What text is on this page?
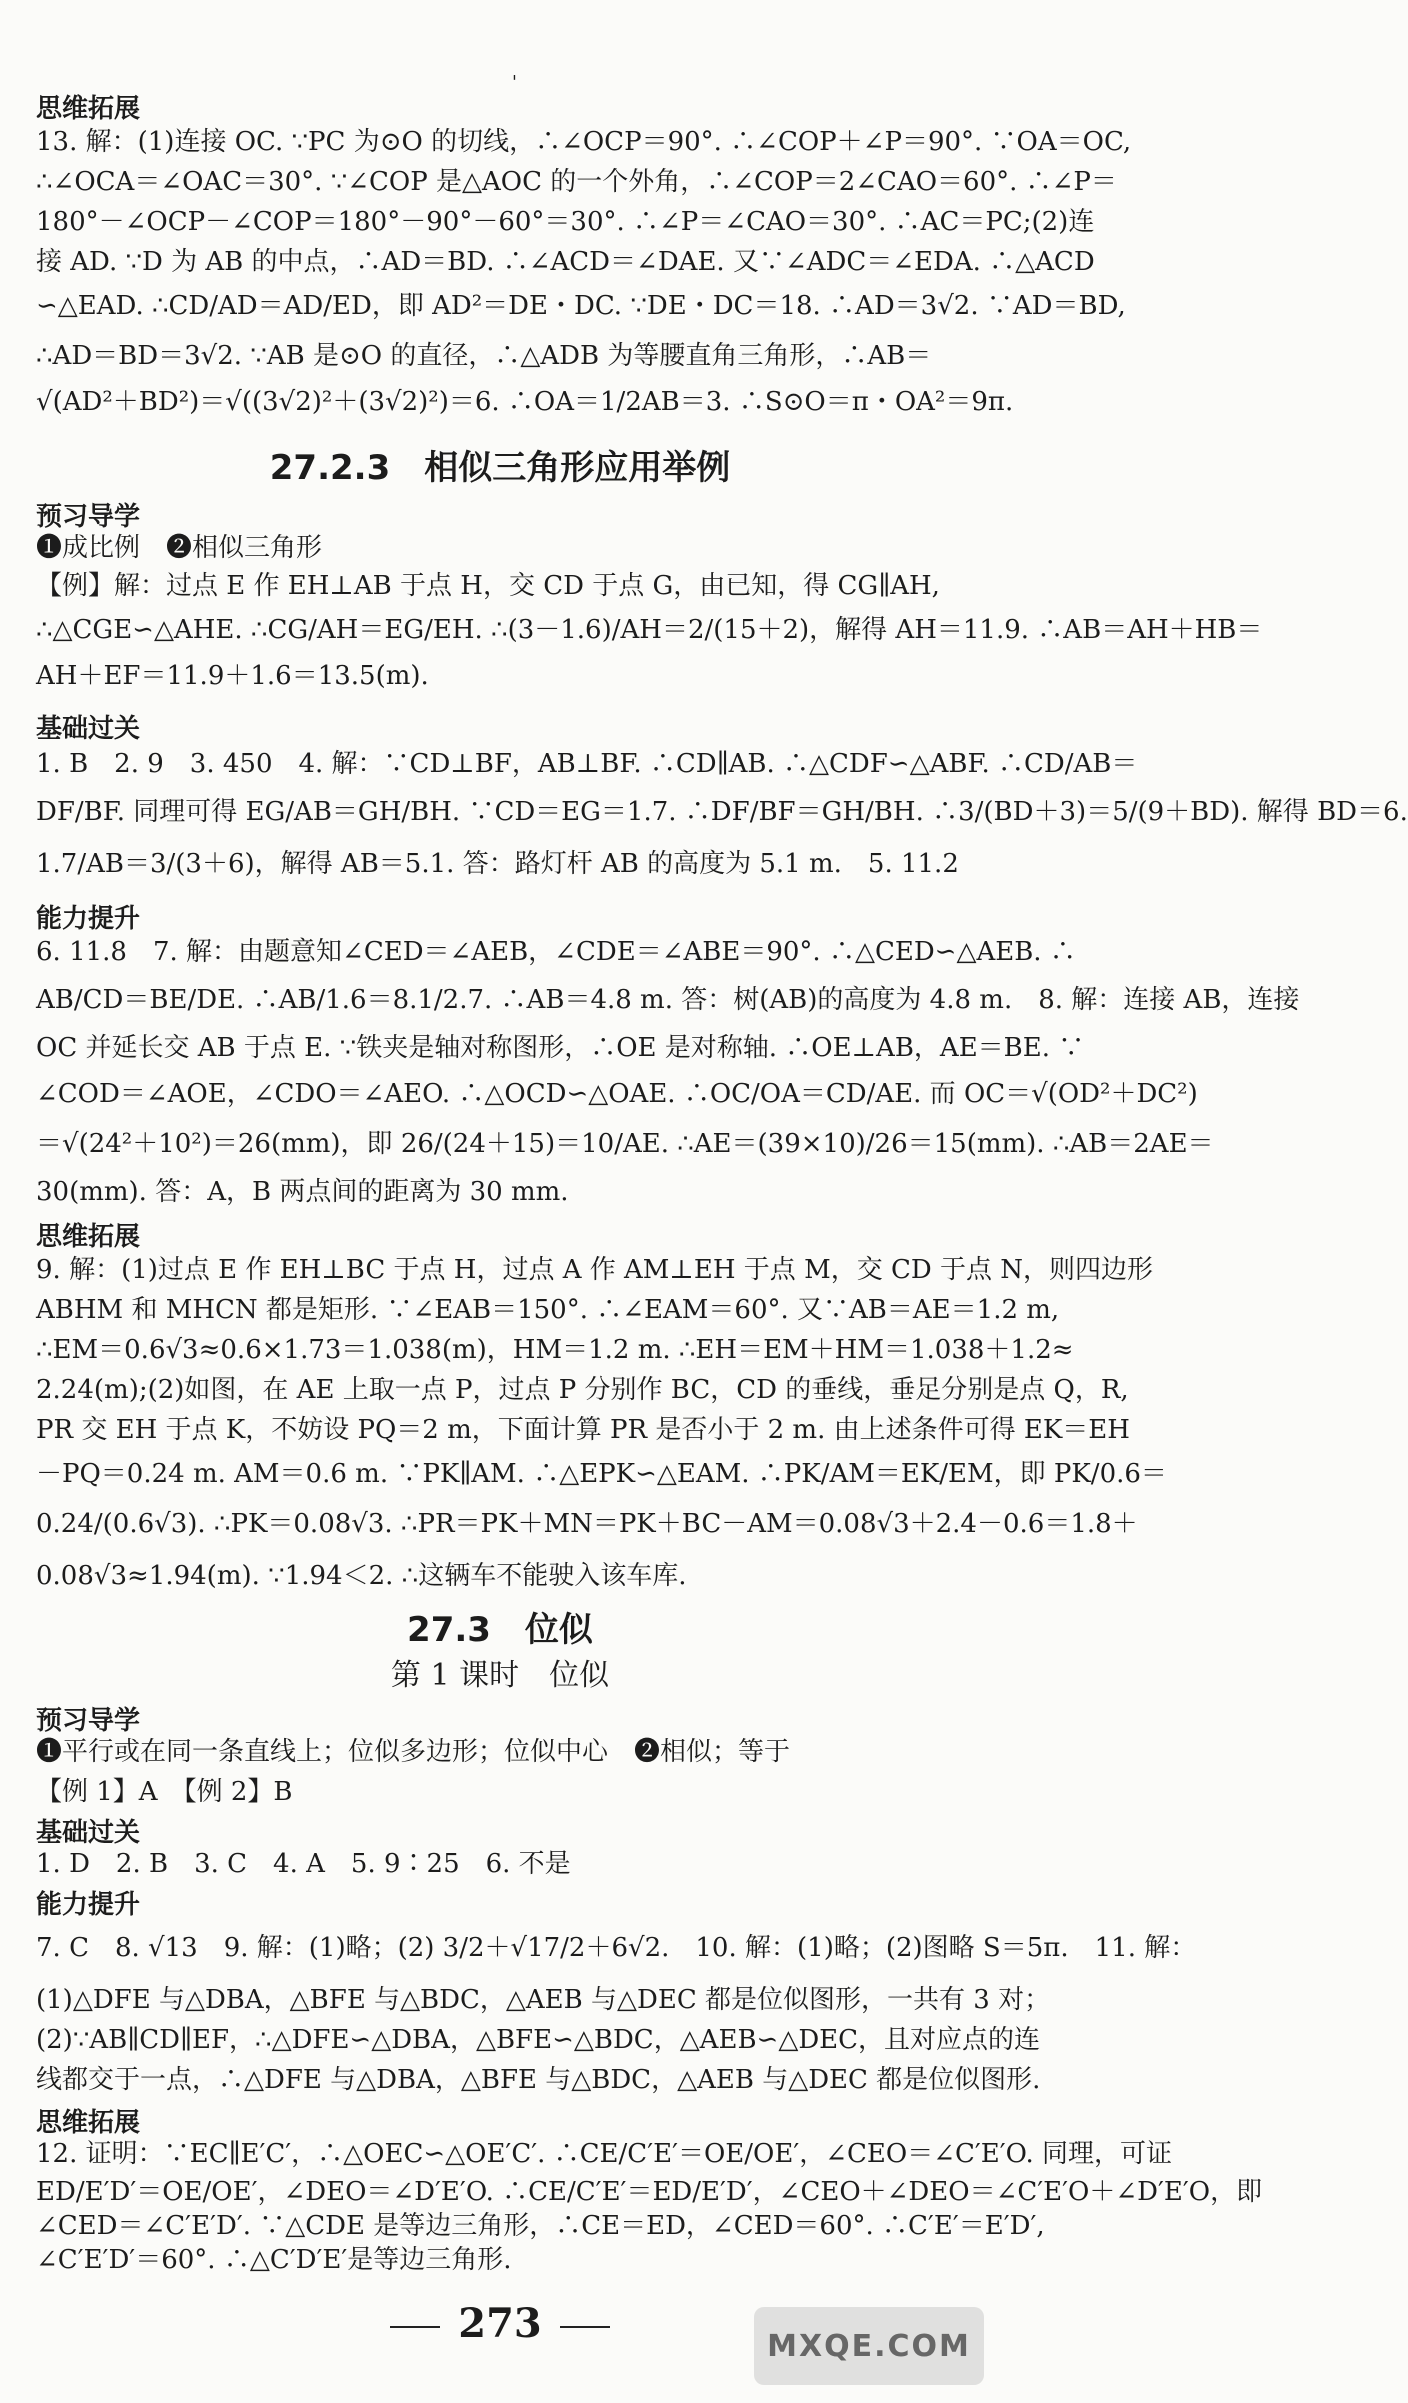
'
思维拓展
13. 解：(1)连接 OC. ∵PC 为⊙O 的切线，∴∠OCP＝90°. ∴∠COP＋∠P＝90°. ∵OA＝OC,
∴∠OCA＝∠OAC＝30°. ∵∠COP 是△AOC 的一个外角，∴∠COP＝2∠CAO＝60°. ∴∠P＝
180°－∠OCP－∠COP＝180°－90°－60°＝30°. ∴∠P＝∠CAO＝30°. ∴AC＝PC;(2)连
接 AD. ∵D 为 AB 的中点，∴AD＝BD. ∴∠ACD＝∠DAE. 又∵∠ADC＝∠EDA. ∴△ACD
∽△EAD. ∴CD/AD＝AD/ED，即 AD²＝DE・DC. ∵DE・DC＝18. ∴AD＝3√2. ∵AD＝BD,
∴AD＝BD＝3√2. ∵AB 是⊙O 的直径，∴△ADB 为等腰直角三角形，∴AB＝
√(AD²＋BD²)＝√((3√2)²＋(3√2)²)＝6. ∴OA＝1/2AB＝3. ∴S⊙O＝π・OA²＝9π.
27.2.3　相似三角形应用举例
预习导学
❶成比例　❷相似三角形
【例】解：过点 E 作 EH⊥AB 于点 H，交 CD 于点 G，由已知，得 CG∥AH,
∴△CGE∽△AHE. ∴CG/AH＝EG/EH. ∴(3－1.6)/AH＝2/(15＋2)，解得 AH＝11.9. ∴AB＝AH＋HB＝
AH＋EF＝11.9＋1.6＝13.5(m).
基础过关
1. B　2. 9　3. 450　4. 解：∵CD⊥BF，AB⊥BF. ∴CD∥AB. ∴△CDF∽△ABF. ∴CD/AB＝
DF/BF. 同理可得 EG/AB＝GH/BH. ∵CD＝EG＝1.7. ∴DF/BF＝GH/BH. ∴3/(BD＋3)＝5/(9＋BD). 解得 BD＝6.
1.7/AB＝3/(3＋6)，解得 AB＝5.1. 答：路灯杆 AB 的高度为 5.1 m.　5. 11.2
能力提升
6. 11.8　7. 解：由题意知∠CED＝∠AEB，∠CDE＝∠ABE＝90°. ∴△CED∽△AEB. ∴
AB/CD＝BE/DE. ∴AB/1.6＝8.1/2.7. ∴AB＝4.8 m. 答：树(AB)的高度为 4.8 m.　8. 解：连接 AB，连接
OC 并延长交 AB 于点 E. ∵铁夹是轴对称图形，∴OE 是对称轴. ∴OE⊥AB，AE＝BE. ∵
∠COD＝∠AOE，∠CDO＝∠AEO. ∴△OCD∽△OAE. ∴OC/OA＝CD/AE. 而 OC＝√(OD²＋DC²)
＝√(24²＋10²)＝26(mm)，即 26/(24＋15)＝10/AE. ∴AE＝(39×10)/26＝15(mm). ∴AB＝2AE＝
30(mm). 答：A，B 两点间的距离为 30 mm.
思维拓展
9. 解：(1)过点 E 作 EH⊥BC 于点 H，过点 A 作 AM⊥EH 于点 M，交 CD 于点 N，则四边形
ABHM 和 MHCN 都是矩形. ∵∠EAB＝150°. ∴∠EAM＝60°. 又∵AB＝AE＝1.2 m,
∴EM＝0.6√3≈0.6×1.73＝1.038(m)，HM＝1.2 m. ∴EH＝EM＋HM＝1.038＋1.2≈
2.24(m);(2)如图，在 AE 上取一点 P，过点 P 分别作 BC，CD 的垂线，垂足分别是点 Q，R,
PR 交 EH 于点 K，不妨设 PQ＝2 m，下面计算 PR 是否小于 2 m. 由上述条件可得 EK＝EH
－PQ＝0.24 m. AM＝0.6 m. ∵PK∥AM. ∴△EPK∽△EAM. ∴PK/AM＝EK/EM，即 PK/0.6＝
0.24/(0.6√3). ∴PK＝0.08√3. ∴PR＝PK＋MN＝PK＋BC－AM＝0.08√3＋2.4－0.6＝1.8＋
0.08√3≈1.94(m). ∵1.94＜2. ∴这辆车不能驶入该车库.
27.3　位似
第 1 课时　位似
预习导学
❶平行或在同一条直线上；位似多边形；位似中心　❷相似；等于
【例 1】A　【例 2】B
基础过关
1. D　2. B　3. C　4. A　5. 9∶25　6. 不是
能力提升
7. C　8. √13　9. 解：(1)略；(2) 3/2＋√17/2＋6√2.　10. 解：(1)略；(2)图略 S＝5π.　11. 解：
(1)△DFE 与△DBA，△BFE 与△BDC，△AEB 与△DEC 都是位似图形，一共有 3 对；
(2)∵AB∥CD∥EF，∴△DFE∽△DBA，△BFE∽△BDC，△AEB∽△DEC，且对应点的连
线都交于一点，∴△DFE 与△DBA，△BFE 与△BDC，△AEB 与△DEC 都是位似图形.
思维拓展
12. 证明：∵EC∥E′C′，∴△OEC∽△OE′C′. ∴CE/C′E′＝OE/OE′，∠CEO＝∠C′E′O. 同理，可证
ED/E′D′＝OE/OE′，∠DEO＝∠D′E′O. ∴CE/C′E′＝ED/E′D′，∠CEO＋∠DEO＝∠C′E′O＋∠D′E′O，即
∠CED＝∠C′E′D′. ∵△CDE 是等边三角形，∴CE＝ED，∠CED＝60°. ∴C′E′＝E′D′,
∠C′E′D′＝60°. ∴△C′D′E′是等边三角形.
273	MXQE.COM
